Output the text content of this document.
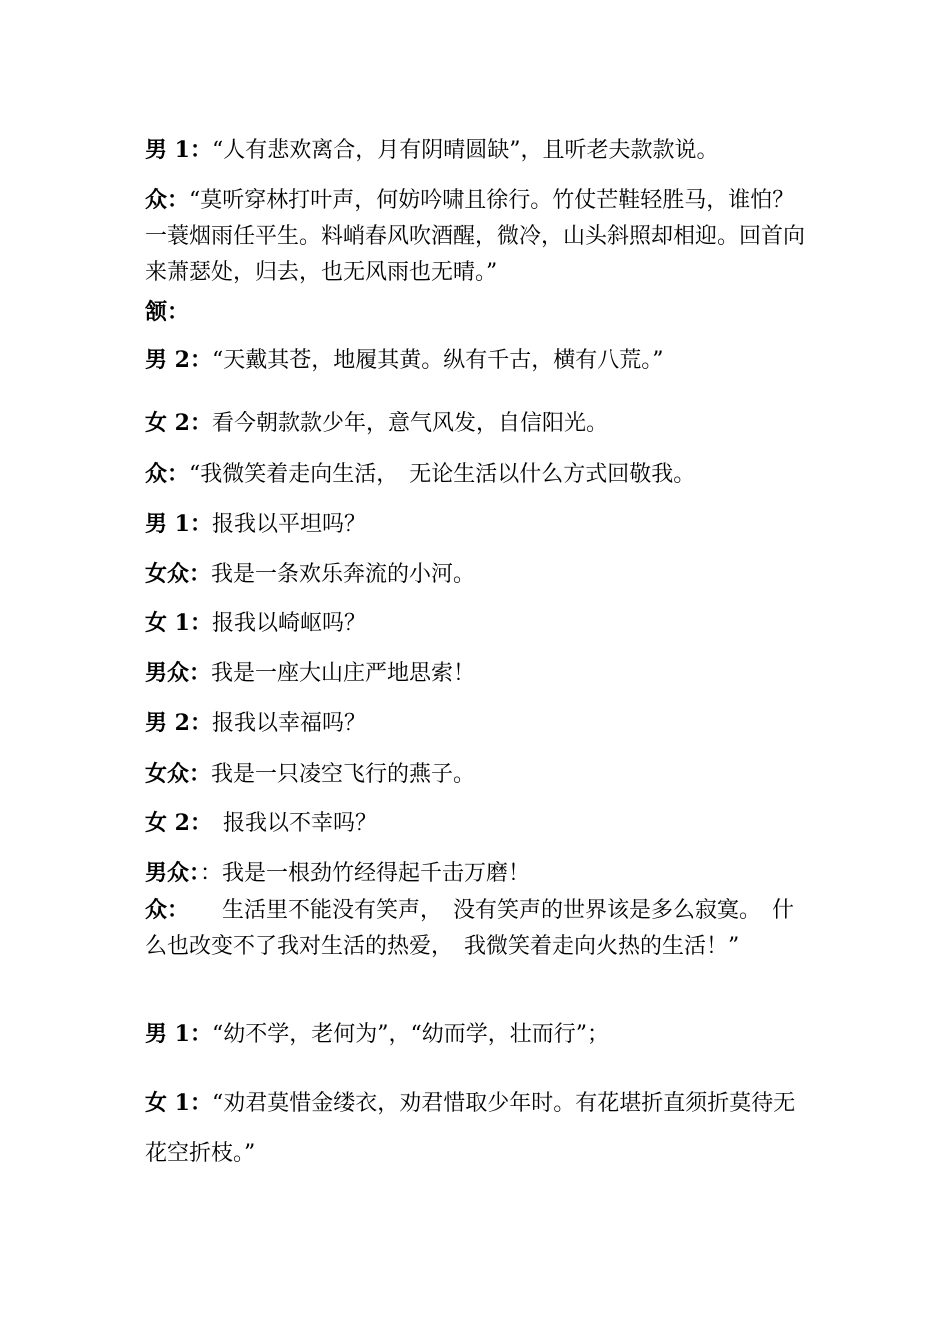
男 1：“人有悲欢离合，月有阴晴圆缺”，且听老夫款款说。
众：“莫听穿林打叶声，何妨吟啸且徐行。竹仗芒鞋轻胜马，谁怕？一蓑烟雨任平生。料峭春风吹酒醒，微冷，山头斜照却相迎。回首向来萧瑟处，归去，也无风雨也无晴。”
颔：
男 2：“天戴其苍，地履其黄。纵有千古，横有八荒。”
女 2：看今朝款款少年，意气风发，自信阳光。
众：“我微笑着走向生活，　无论生活以什么方式回敬我。
男 1：报我以平坦吗？
女众：我是一条欢乐奔流的小河。
女 1：报我以崎岖吗？
男众：我是一座大山庄严地思索！
男 2：报我以幸福吗？
女众：我是一只凌空飞行的燕子。
女 2：　报我以不幸吗？
男众：：我是一根劲竹经得起千击万磨！
众：　　生活里不能没有笑声，　没有笑声的世界该是多么寂寞。　什么也改变不了我对生活的热爱，　我微笑着走向火热的生活！”
男 1：“幼不学，老何为”，“幼而学，壮而行”；
女 1：“劝君莫惜金缕衣，劝君惜取少年时。有花堪折直须折莫待无花空折枝。”
